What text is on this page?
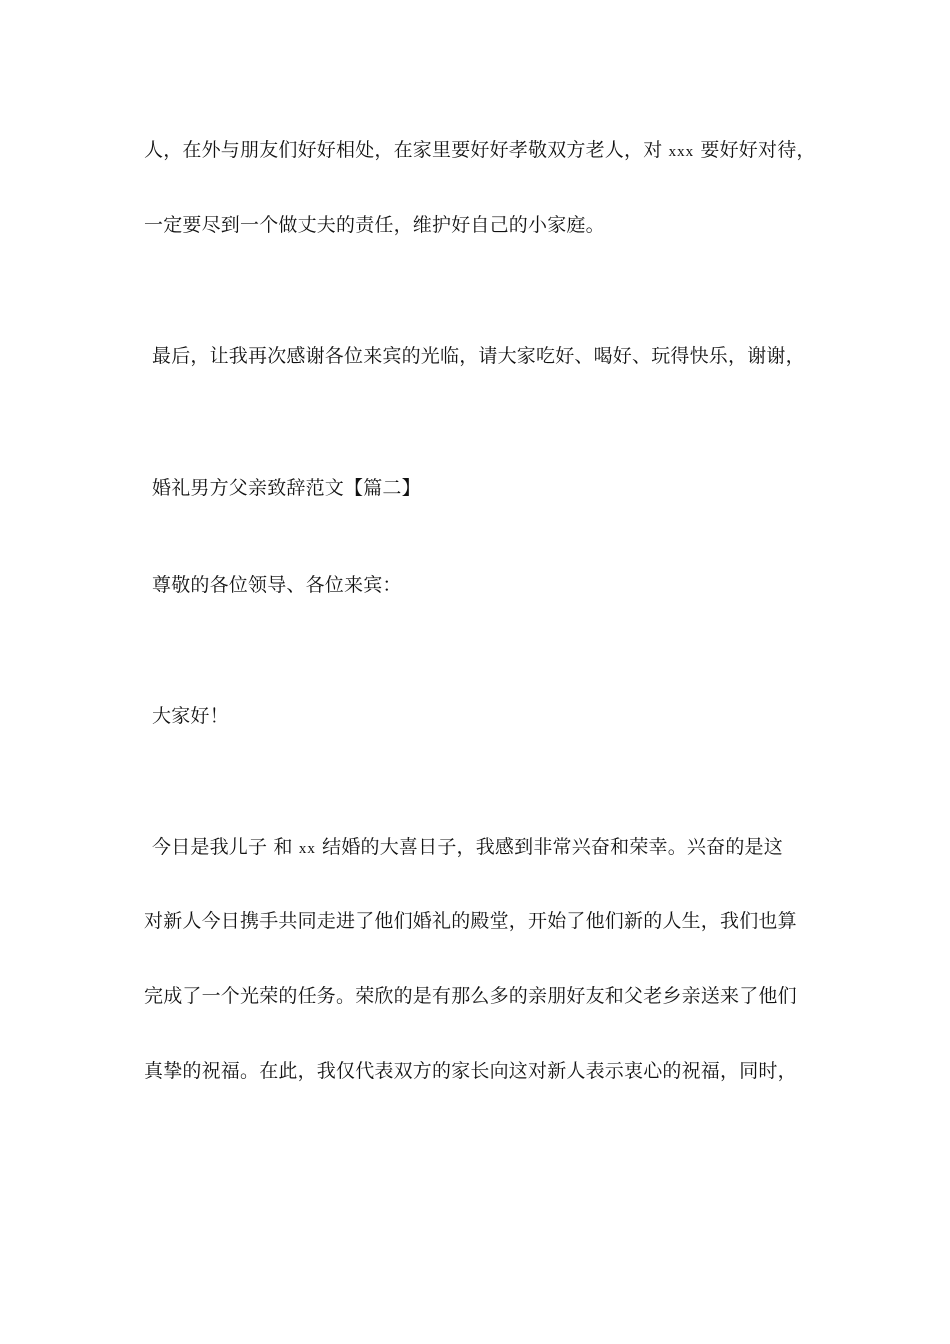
人，在外与朋友们好好相处，在家里要好好孝敬双方老人，对 xxx 要好好对待，
一定要尽到一个做丈夫的责任，维护好自己的小家庭。
最后，让我再次感谢各位来宾的光临，请大家吃好、喝好、玩得快乐，谢谢，
婚礼男方父亲致辞范文【篇二】
尊敬的各位领导、各位来宾：
大家好！
今日是我儿子 和 xx 结婚的大喜日子，我感到非常兴奋和荣幸。兴奋的是这
对新人今日携手共同走进了他们婚礼的殿堂，开始了他们新的人生，我们也算
完成了一个光荣的任务。荣欣的是有那么多的亲朋好友和父老乡亲送来了他们
真挚的祝福。在此，我仅代表双方的家长向这对新人表示衷心的祝福，同时，
